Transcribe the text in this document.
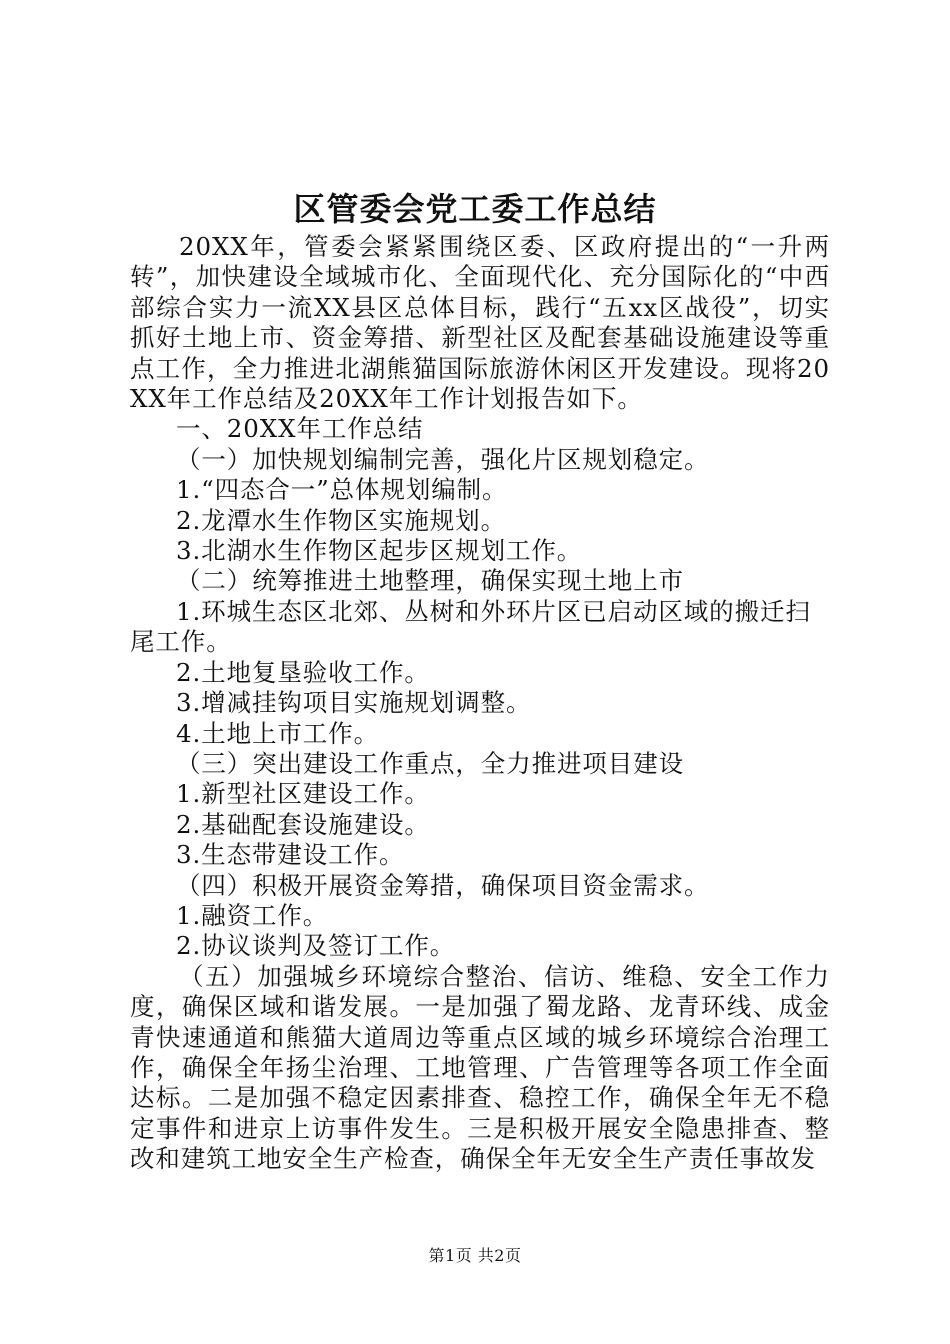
区管委会党工委工作总结

20XX年，管委会紧紧围绕区委、区政府提出的“一升两转”，加快建设全域城市化、全面现代化、充分国际化的“中西部综合实力一流XX县区总体目标，践行“五xx区战役”，切实抓好土地上市、资金筹措、新型社区及配套基础设施建设等重点工作，全力推进北湖熊猫国际旅游休闲区开发建设。现将20XX年工作总结及20XX年工作计划报告如下。

一、20XX年工作总结

（一）加快规划编制完善，强化片区规划稳定。

1.“四态合一”总体规划编制。

2.龙潭水生作物区实施规划。

3.北湖水生作物区起步区规划工作。

（二）统筹推进土地整理，确保实现土地上市

1.环城生态区北郊、丛树和外环片区已启动区域的搬迁扫尾工作。

2.土地复垦验收工作。

3.增减挂钩项目实施规划调整。

4.土地上市工作。

（三）突出建设工作重点，全力推进项目建设

1.新型社区建设工作。

2.基础配套设施建设。

3.生态带建设工作。

（四）积极开展资金筹措，确保项目资金需求。

1.融资工作。

2.协议谈判及签订工作。

（五）加强城乡环境综合整治、信访、维稳、安全工作力度，确保区域和谐发展。一是加强了蜀龙路、龙青环线、成金青快速通道和熊猫大道周边等重点区域的城乡环境综合治理工作，确保全年扬尘治理、工地管理、广告管理等各项工作全面达标。二是加强不稳定因素排查、稳控工作，确保全年无不稳定事件和进京上访事件发生。三是积极开展安全隐患排查、整改和建筑工地安全生产检查，确保全年无安全生产责任事故发

第1页 共2页
